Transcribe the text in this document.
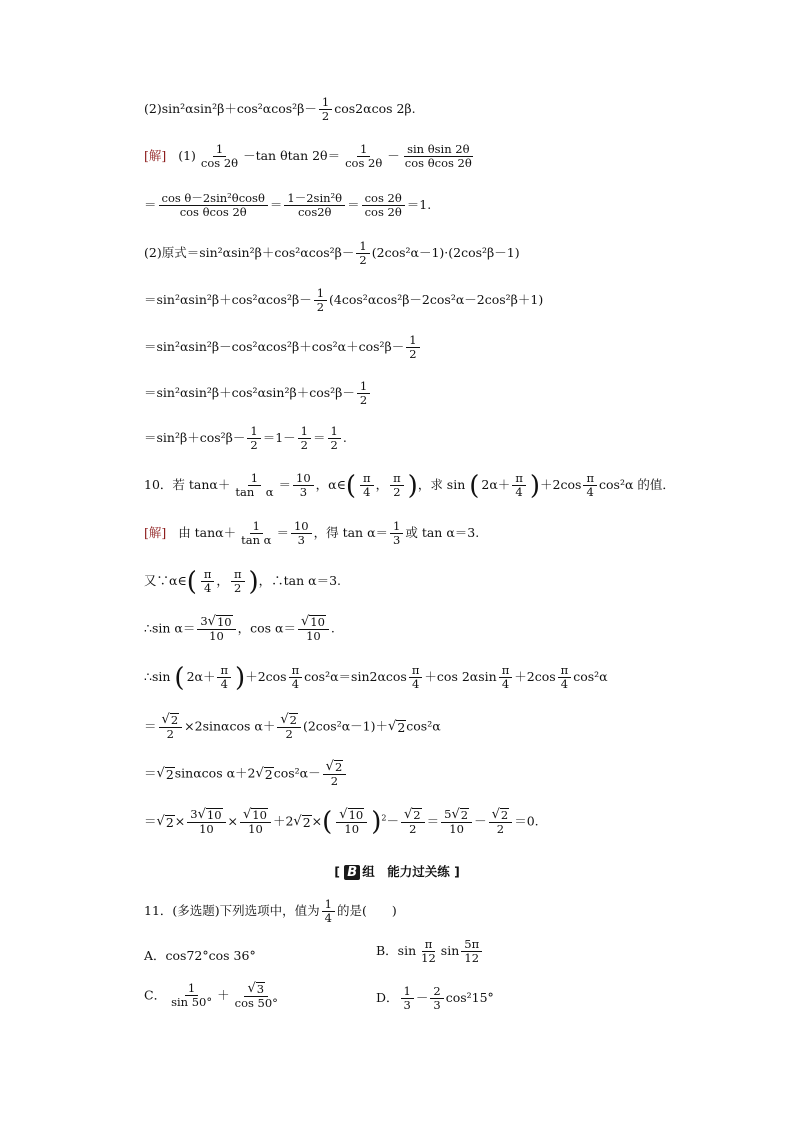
$(2)\sin^2\alpha\sin^2\beta+\cos^2\alpha\cos^2\beta- \frac{1}{2} \cos 2\alpha\cos$ 2β.
[解] $(1) \frac{1}{\cos 2\theta} -\tan$ θtan $2\theta= \frac{1}{\cos 2\theta} - \frac{\text{sin θsin 2θ}}{\text{cos θcos 2θ}}$
＝ $\frac{\text{cos θ－2sin²θcosθ}}{\text{cos θcos 2θ}} = \frac{\text{1－2sin²θ}}{\cos 2\theta} = \frac{\cos 2\theta}{\cos 2\theta} =1$.
(2)原式$=\sin^2\alpha\sin^2\beta+\cos^2\alpha\cos^2\beta- \frac{1}{2} (2\cos^2\alpha-1)\cdot(2\cos^2\beta-1)$
$=\sin^2\alpha\sin^2\beta+\cos^2\alpha\cos^2\beta- \frac{1}{2} (4\cos^2\alpha\cos^2\beta-2\cos^2\alpha-2\cos^2\beta+1)$
$=\sin^2\alpha\sin^2\beta-\cos^2\alpha\cos^2\beta+\cos^2\alpha+\cos^2\beta- \frac{1}{2}$
$=\sin^2\alpha\sin^2\beta+\cos^2\alpha\sin^2\beta+\cos^2\beta- \frac{1}{2}$
$=\sin^2\beta+\cos^2\beta- \frac{1}{2} =1- \frac{1}{2} = \frac{1}{2}$ .
10．若 $\tan\alpha+ \frac{1}{\text{tan　α}} = \frac{10}{3}$ ，α∈( $\frac{\pi}{4}$ ， $\frac{\pi}{2}$ )，求 sin ( $2\alpha+ \frac{\pi}{4} )+2\cos \frac{\pi}{4} \cos^2\alpha$ 的值．
[解] 由 $\tan\alpha+ \frac{1}{\text{tan α}} = \frac{10}{3}$ ，得 $\tan \alpha= \frac{1}{3}$ 或 tan α＝3.
又∵α∈( $\frac{\pi}{4}$ ， $\frac{\pi}{2}$ )，∴tan α＝3.
∴sin $\alpha= \frac{3 √ 10}{10}$ ，$\cos \alpha= \frac{√ 10}{10}$ .
∴sin ( $2\alpha+ \frac{\pi}{4} )+2\cos \frac{\pi}{4} \cos^2\alpha=\sin 2\alpha\cos \frac{\pi}{4} +\cos$ $2\alpha\sin \frac{\pi}{4} +2\cos \frac{\pi}{4} \cos^2\alpha$
＝ $\frac{√ 2}{2} \times 2\sin\alpha\cos$ $\alpha+ \frac{√ 2}{2} (2\cos^2\alpha-1)+$ √ 2 cos²α
＝ √ 2 sinαcos α＋2 √ 2 $\cos^2\alpha- \frac{√ 2}{2}$
＝ √ $2 \times \frac{3 √ 10}{10} \times \frac{√ 10}{10} +2$ √ 2 ×( $\frac{√ 10}{10} )^2- \frac{√ 2}{2} = \frac{5 √ 2}{10} - \frac{√ 2}{2} =0$.
[ B 组　能力过关练 ]
11．(多选题)下列选项中，值为 $\frac{1}{4}$ 的是(　　)
A．cos72°cos 36°	B．$\sin \frac{\pi}{12}$ $\sin \frac{5\pi}{12}$
C． $\frac{1}{\sin 50^\circ} + \frac{√ 3}{\cos 50^\circ}$	D． $\frac{1}{3} - \frac{2}{3} \cos^215^\circ$
